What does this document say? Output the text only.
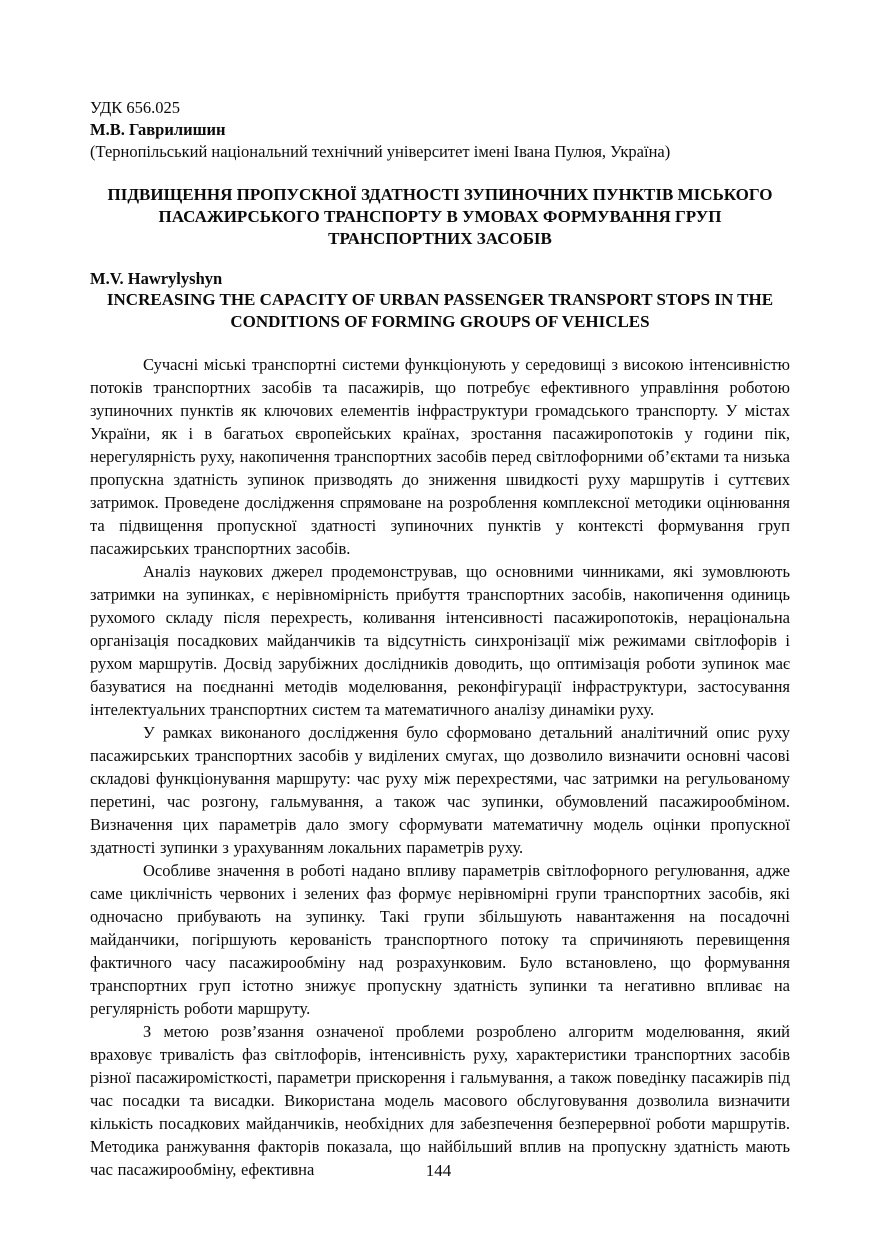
УДК 656.025
М.В. Гаврилишин
(Тернопільський національний технічний університет імені Івана Пулюя, Україна)
ПІДВИЩЕННЯ ПРОПУСКНОЇ ЗДАТНОСТІ ЗУПИНОЧНИХ ПУНКТІВ МІСЬКОГО ПАСАЖИРСЬКОГО ТРАНСПОРТУ В УМОВАХ ФОРМУВАННЯ ГРУП ТРАНСПОРТНИХ ЗАСОБІВ
M.V. Hawrylyshyn
INCREASING THE CAPACITY OF URBAN PASSENGER TRANSPORT STOPS IN THE CONDITIONS OF FORMING GROUPS OF VEHICLES

Сучасні міські транспортні системи функціонують у середовищі з високою інтенсивністю потоків транспортних засобів та пасажирів, що потребує ефективного управління роботою зупиночних пунктів як ключових елементів інфраструктури громадського транспорту. У містах України, як і в багатьох європейських країнах, зростання пасажиропотоків у години пік, нерегулярність руху, накопичення транспортних засобів перед світлофорними об’єктами та низька пропускна здатність зупинок призводять до зниження швидкості руху маршрутів і суттєвих затримок. Проведене дослідження спрямоване на розроблення комплексної методики оцінювання та підвищення пропускної здатності зупиночних пунктів у контексті формування груп пасажирських транспортних засобів.

Аналіз наукових джерел продемонстрував, що основними чинниками, які зумовлюють затримки на зупинках, є нерівномірність прибуття транспортних засобів, накопичення одиниць рухомого складу після перехресть, коливання інтенсивності пасажиропотоків, нераціональна організація посадкових майданчиків та відсутність синхронізації між режимами світлофорів і рухом маршрутів. Досвід зарубіжних дослідників доводить, що оптимізація роботи зупинок має базуватися на поєднанні методів моделювання, реконфігурації інфраструктури, застосування інтелектуальних транспортних систем та математичного аналізу динаміки руху.

У рамках виконаного дослідження було сформовано детальний аналітичний опис руху пасажирських транспортних засобів у виділених смугах, що дозволило визначити основні часові складові функціонування маршруту: час руху між перехрестями, час затримки на регульованому перетині, час розгону, гальмування, а також час зупинки, обумовлений пасажирообміном. Визначення цих параметрів дало змогу сформувати математичну модель оцінки пропускної здатності зупинки з урахуванням локальних параметрів руху.

Особливе значення в роботі надано впливу параметрів світлофорного регулювання, адже саме циклічність червоних і зелених фаз формує нерівномірні групи транспортних засобів, які одночасно прибувають на зупинку. Такі групи збільшують навантаження на посадочні майданчики, погіршують керованість транспортного потоку та спричиняють перевищення фактичного часу пасажирообміну над розрахунковим. Було встановлено, що формування транспортних груп істотно знижує пропускну здатність зупинки та негативно впливає на регулярність роботи маршруту.

З метою розв’язання означеної проблеми розроблено алгоритм моделювання, який враховує тривалість фаз світлофорів, інтенсивність руху, характеристики транспортних засобів різної пасажиромісткості, параметри прискорення і гальмування, а також поведінку пасажирів під час посадки та висадки. Використана модель масового обслуговування дозволила визначити кількість посадкових майданчиків, необхідних для забезпечення безперервної роботи маршрутів. Методика ранжування факторів показала, що найбільший вплив на пропускну здатність мають час пасажирообміну, ефективна	144
